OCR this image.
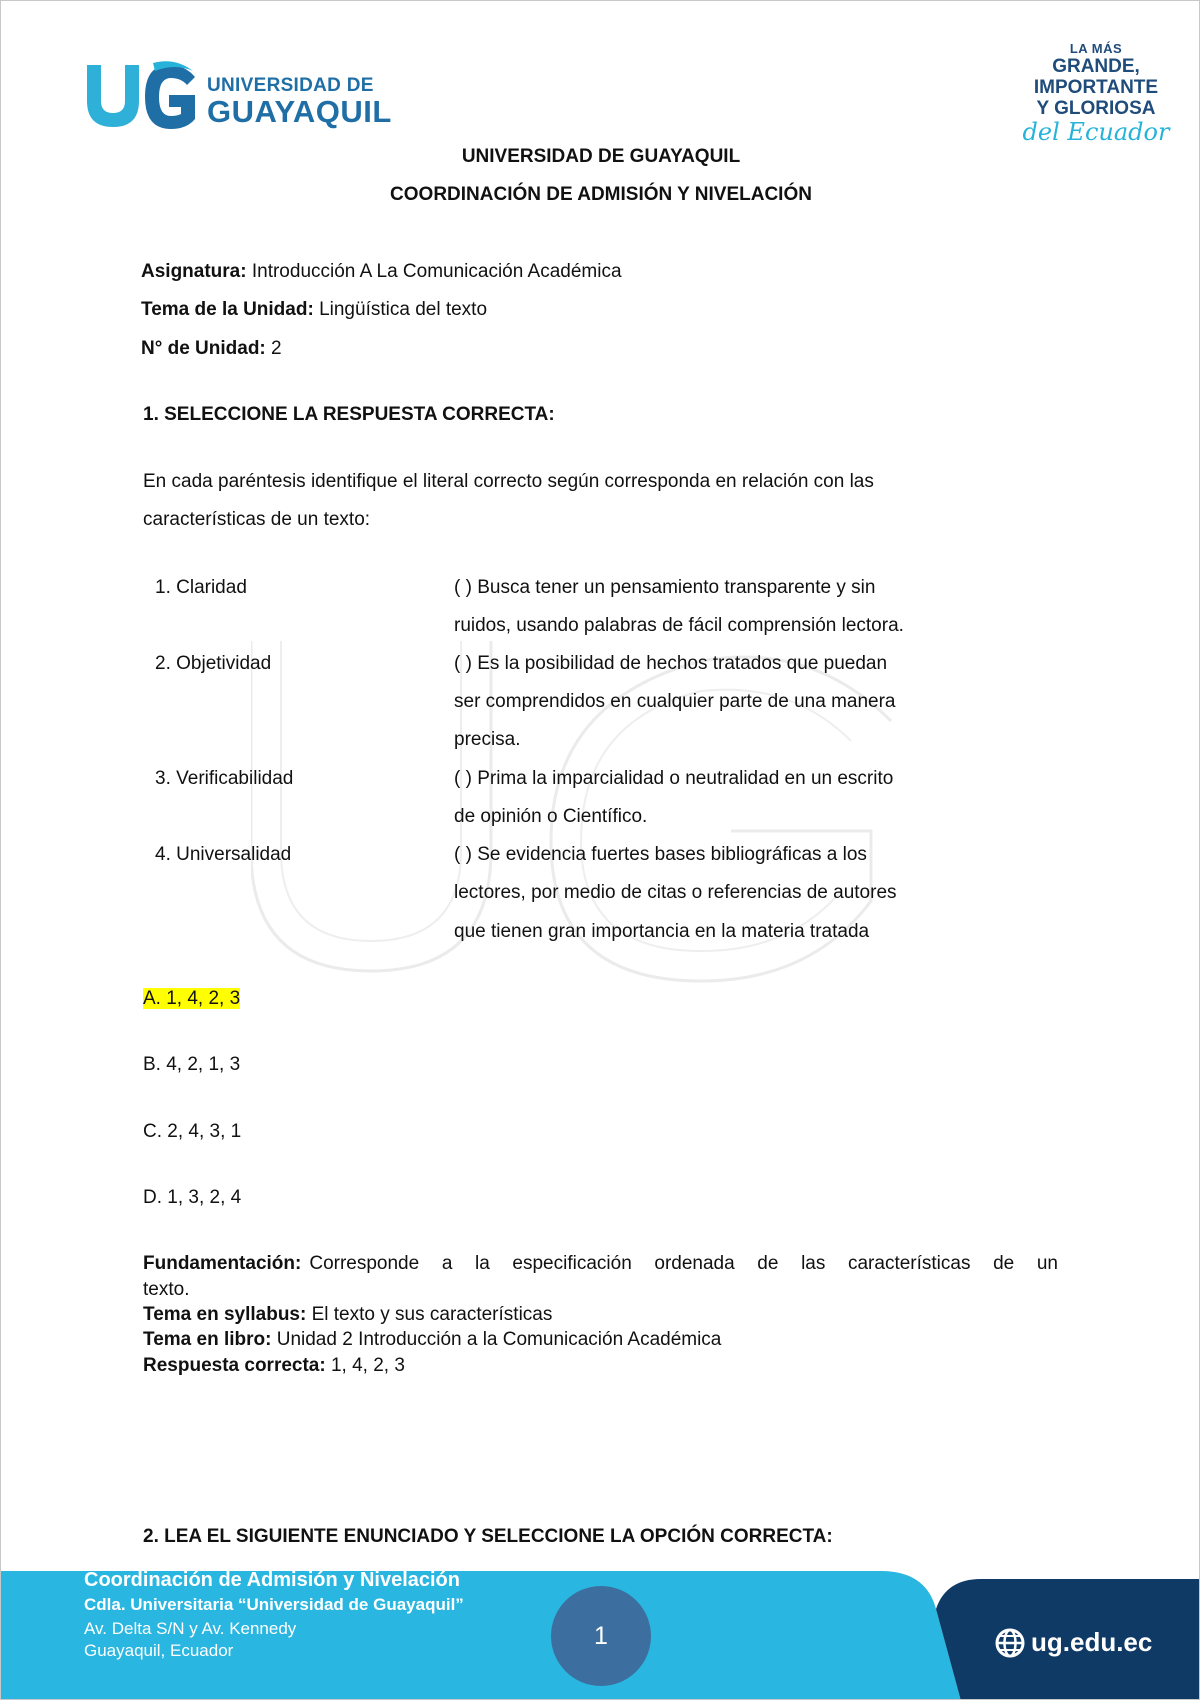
UNIVERSIDAD DE
GUAYAQUIL
LA MÁS
GRANDE,
IMPORTANTE
Y GLORIOSA
del Ecuador
UNIVERSIDAD DE GUAYAQUIL
COORDINACIÓN DE ADMISIÓN Y NIVELACIÓN
Asignatura: Introducción A La Comunicación Académica
Tema de la Unidad: Lingüística del texto
N° de Unidad: 2
1. SELECCIONE LA RESPUESTA CORRECTA:
En cada paréntesis identifique el literal correcto según corresponda en relación con las
características de un texto:
1. Claridad	( ) Busca tener un pensamiento transparente y sin
ruidos, usando palabras de fácil comprensión lectora.
2. Objetividad	( ) Es la posibilidad de hechos tratados que puedan
ser comprendidos en cualquier parte de una manera
precisa.
3. Verificabilidad	( ) Prima la imparcialidad o neutralidad en un escrito
de opinión o Científico.
4. Universalidad	( ) Se evidencia fuertes bases bibliográficas a los
lectores, por medio de citas o referencias de autores
que tienen gran importancia en la materia tratada
A. 1, 4, 2, 3
B. 4, 2, 1, 3
C. 2, 4, 3, 1
D. 1, 3, 2, 4
Fundamentación: Corresponde a la especificación ordenada de las características de un
texto.
Tema en syllabus: El texto y sus características
Tema en libro: Unidad 2 Introducción a la Comunicación Académica
Respuesta correcta: 1, 4, 2, 3
2. LEA EL SIGUIENTE ENUNCIADO Y SELECCIONE LA OPCIÓN CORRECTA:
Coordinación de Admisión y Nivelación
Cdla. Universitaria “Universidad de Guayaquil”
Av. Delta S/N y Av. Kennedy
Guayaquil, Ecuador
1	ug.edu.ec
